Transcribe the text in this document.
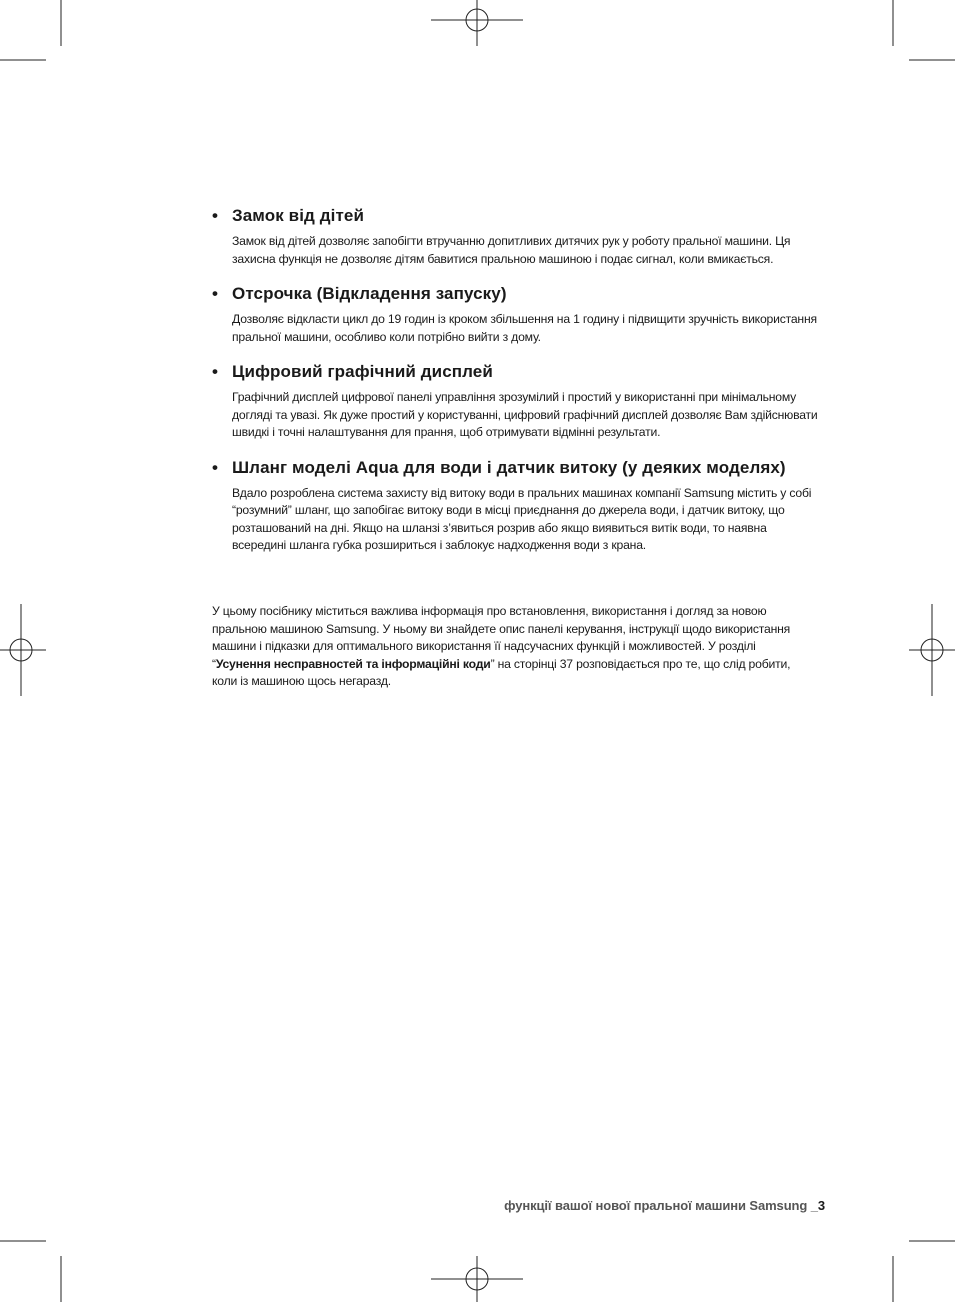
• Замок від дітей

Замок від дітей дозволяє запобігти втручанню допитливих дитячих рук у роботу пральної машини. Ця захисна функція не дозволяє дітям бавитися пральною машиною і подає сигнал, коли вмикається.

• Отсрочка (Відкладення запуску)

Дозволяє відкласти цикл до 19 годин із кроком збільшення на 1 годину і підвищити зручність використання пральної машини, особливо коли потрібно вийти з дому.

• Цифровий графічний дисплей

Графічний дисплей цифрової панелі управління зрозумілий і простий у використанні при мінімальному догляді та увазі. Як дуже простий у користуванні, цифровий графічний дисплей дозволяє Вам здійснювати швидкі і точні налаштування для прання, щоб отримувати відмінні результати.

• Шланг моделі Aqua для води і датчик витоку (у деяких моделях)

Вдало розроблена система захисту від витоку води в пральних машинах компанії Samsung містить у собі “розумний” шланг, що запобігає витоку води в місці приєднання до джерела води, і датчик витоку, що розташований на дні. Якщо на шланзі з’явиться розрив або якщо виявиться витік води, то наявна всередині шланга губка розшириться і заблокує надходження води з крана.

У цьому посібнику міститься важлива інформація про встановлення, використання і догляд за новою пральною машиною Samsung. У ньому ви знайдете опис панелі керування, інструкції щодо використання машини і підказки для оптимального використання її надсучасних функцій і можливостей. У розділі “Усунення несправностей та інформаційні коди” на сторінці 37 розповідається про те, що слід робити, коли із машиною щось негаразд.

функції вашої нової пральної машини Samsung _3
